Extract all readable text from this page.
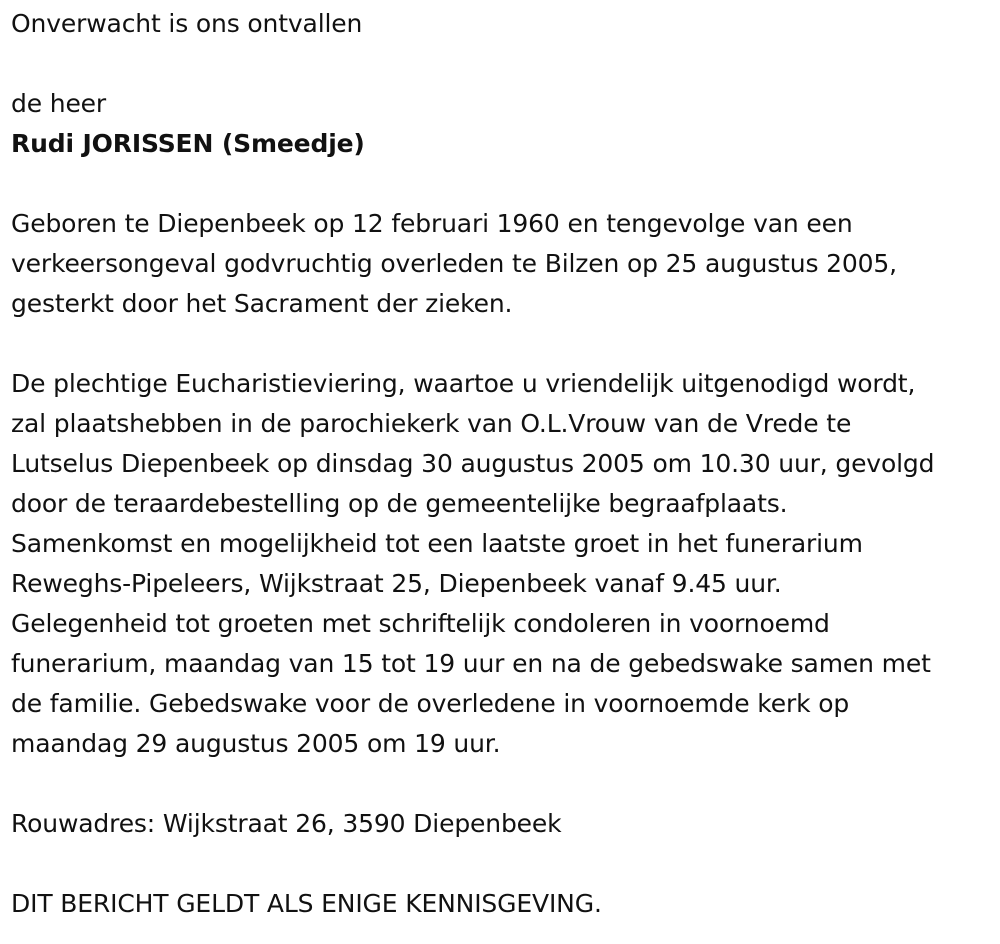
Onverwacht is ons ontvallen

de heer

Rudi JORISSEN (Smeedje)

Geboren te Diepenbeek op 12 februari 1960 en tengevolge van een

verkeersongeval godvruchtig overleden te Bilzen op 25 augustus 2005,

gesterkt door het Sacrament der zieken.

De plechtige Eucharistieviering, waartoe u vriendelijk uitgenodigd wordt,

zal plaatshebben in de parochiekerk van O.L.Vrouw van de Vrede te

Lutselus Diepenbeek op dinsdag 30 augustus 2005 om 10.30 uur, gevolgd

door de teraardebestelling op de gemeentelijke begraafplaats.

Samenkomst en mogelijkheid tot een laatste groet in het funerarium

Reweghs-Pipeleers, Wijkstraat 25, Diepenbeek vanaf 9.45 uur.

Gelegenheid tot groeten met schriftelijk condoleren in voornoemd

funerarium, maandag van 15 tot 19 uur en na de gebedswake samen met

de familie. Gebedswake voor de overledene in voornoemde kerk op

maandag 29 augustus 2005 om 19 uur.

Rouwadres: Wijkstraat 26, 3590 Diepenbeek

DIT BERICHT GELDT ALS ENIGE KENNISGEVING.
